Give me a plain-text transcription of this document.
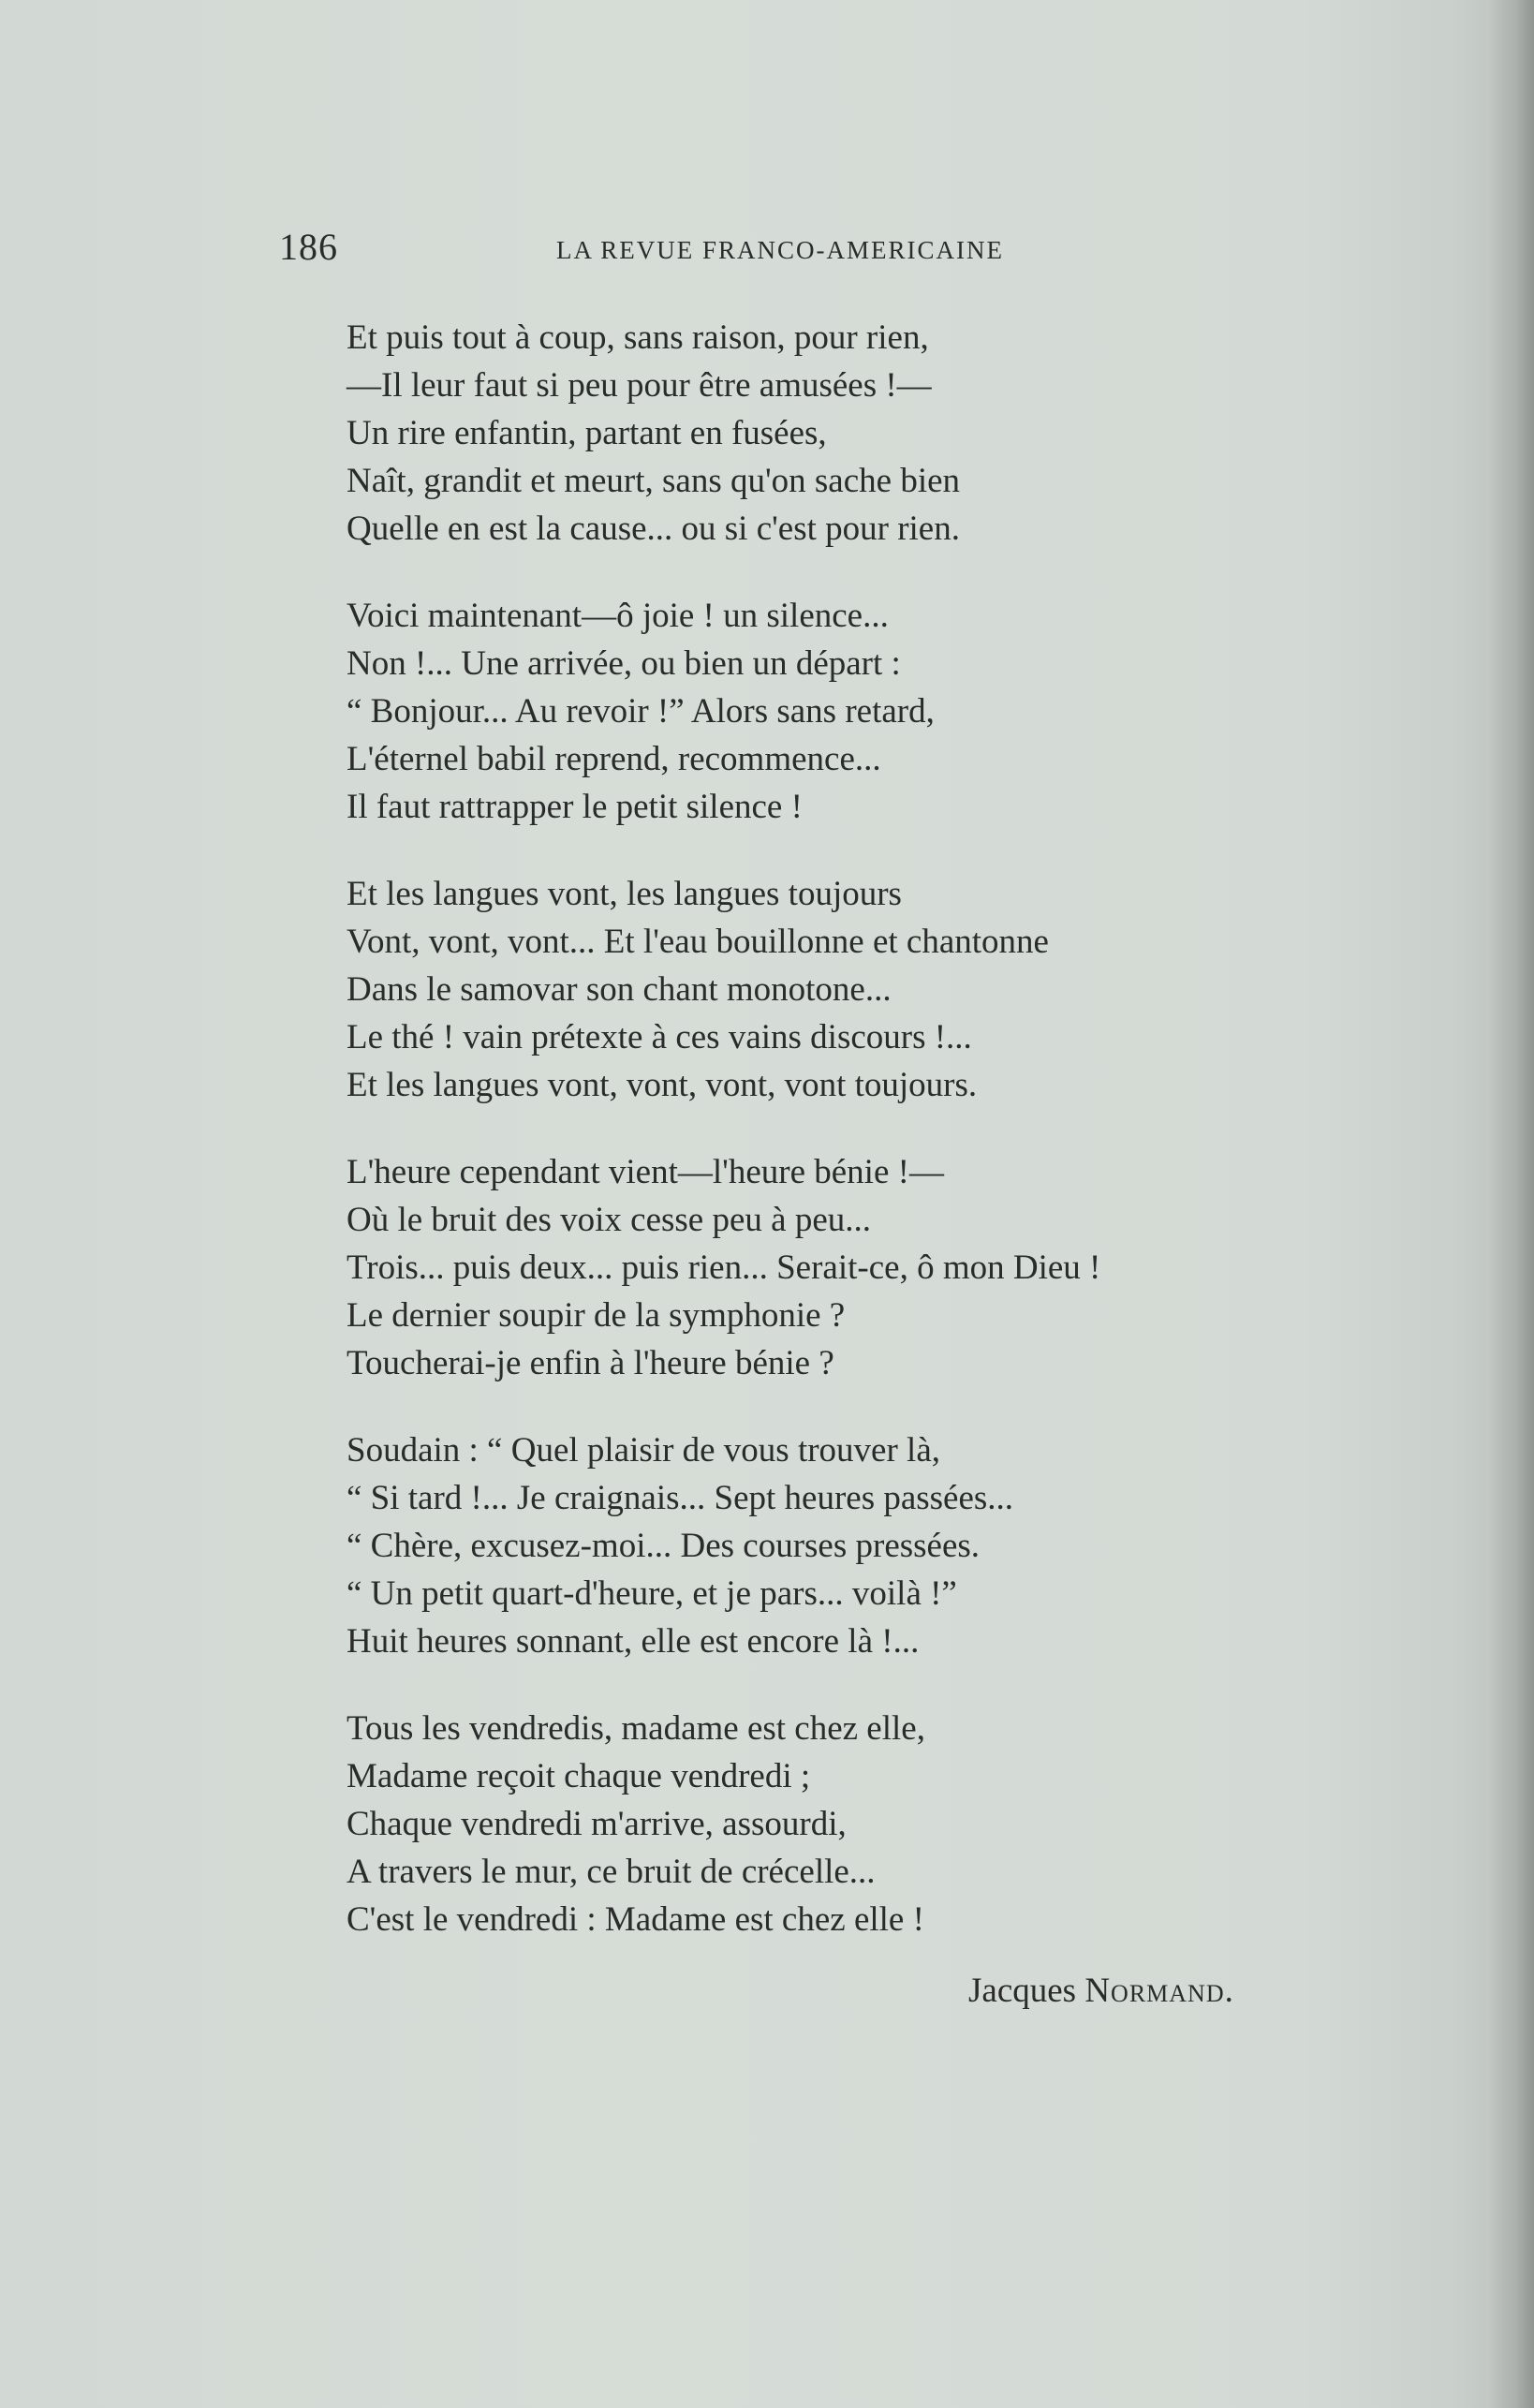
186	LA REVUE FRANCO-AMERICAINE
Et puis tout à coup, sans raison, pour rien,
—Il leur faut si peu pour être amusées !—
Un rire enfantin, partant en fusées,
Naît, grandit et meurt, sans qu'on sache bien
Quelle en est la cause... ou si c'est pour rien.
Voici maintenant—ô joie ! un silence...
Non !... Une arrivée, ou bien un départ :
“ Bonjour... Au revoir !” Alors sans retard,
L'éternel babil reprend, recommence...
Il faut rattrapper le petit silence !
Et les langues vont, les langues toujours
Vont, vont, vont... Et l'eau bouillonne et chantonne
Dans le samovar son chant monotone...
Le thé ! vain prétexte à ces vains discours !...
Et les langues vont, vont, vont, vont toujours.
L'heure cependant vient—l'heure bénie !—
Où le bruit des voix cesse peu à peu...
Trois... puis deux... puis rien... Serait-ce, ô mon Dieu !
Le dernier soupir de la symphonie ?
Toucherai-je enfin à l'heure bénie ?
Soudain : “ Quel plaisir de vous trouver là,
“ Si tard !... Je craignais... Sept heures passées...
“ Chère, excusez-moi... Des courses pressées.
“ Un petit quart-d'heure, et je pars... voilà !”
Huit heures sonnant, elle est encore là !...
Tous les vendredis, madame est chez elle,
Madame reçoit chaque vendredi ;
Chaque vendredi m'arrive, assourdi,
A travers le mur, ce bruit de crécelle...
C'est le vendredi : Madame est chez elle !
Jacques Normand.
